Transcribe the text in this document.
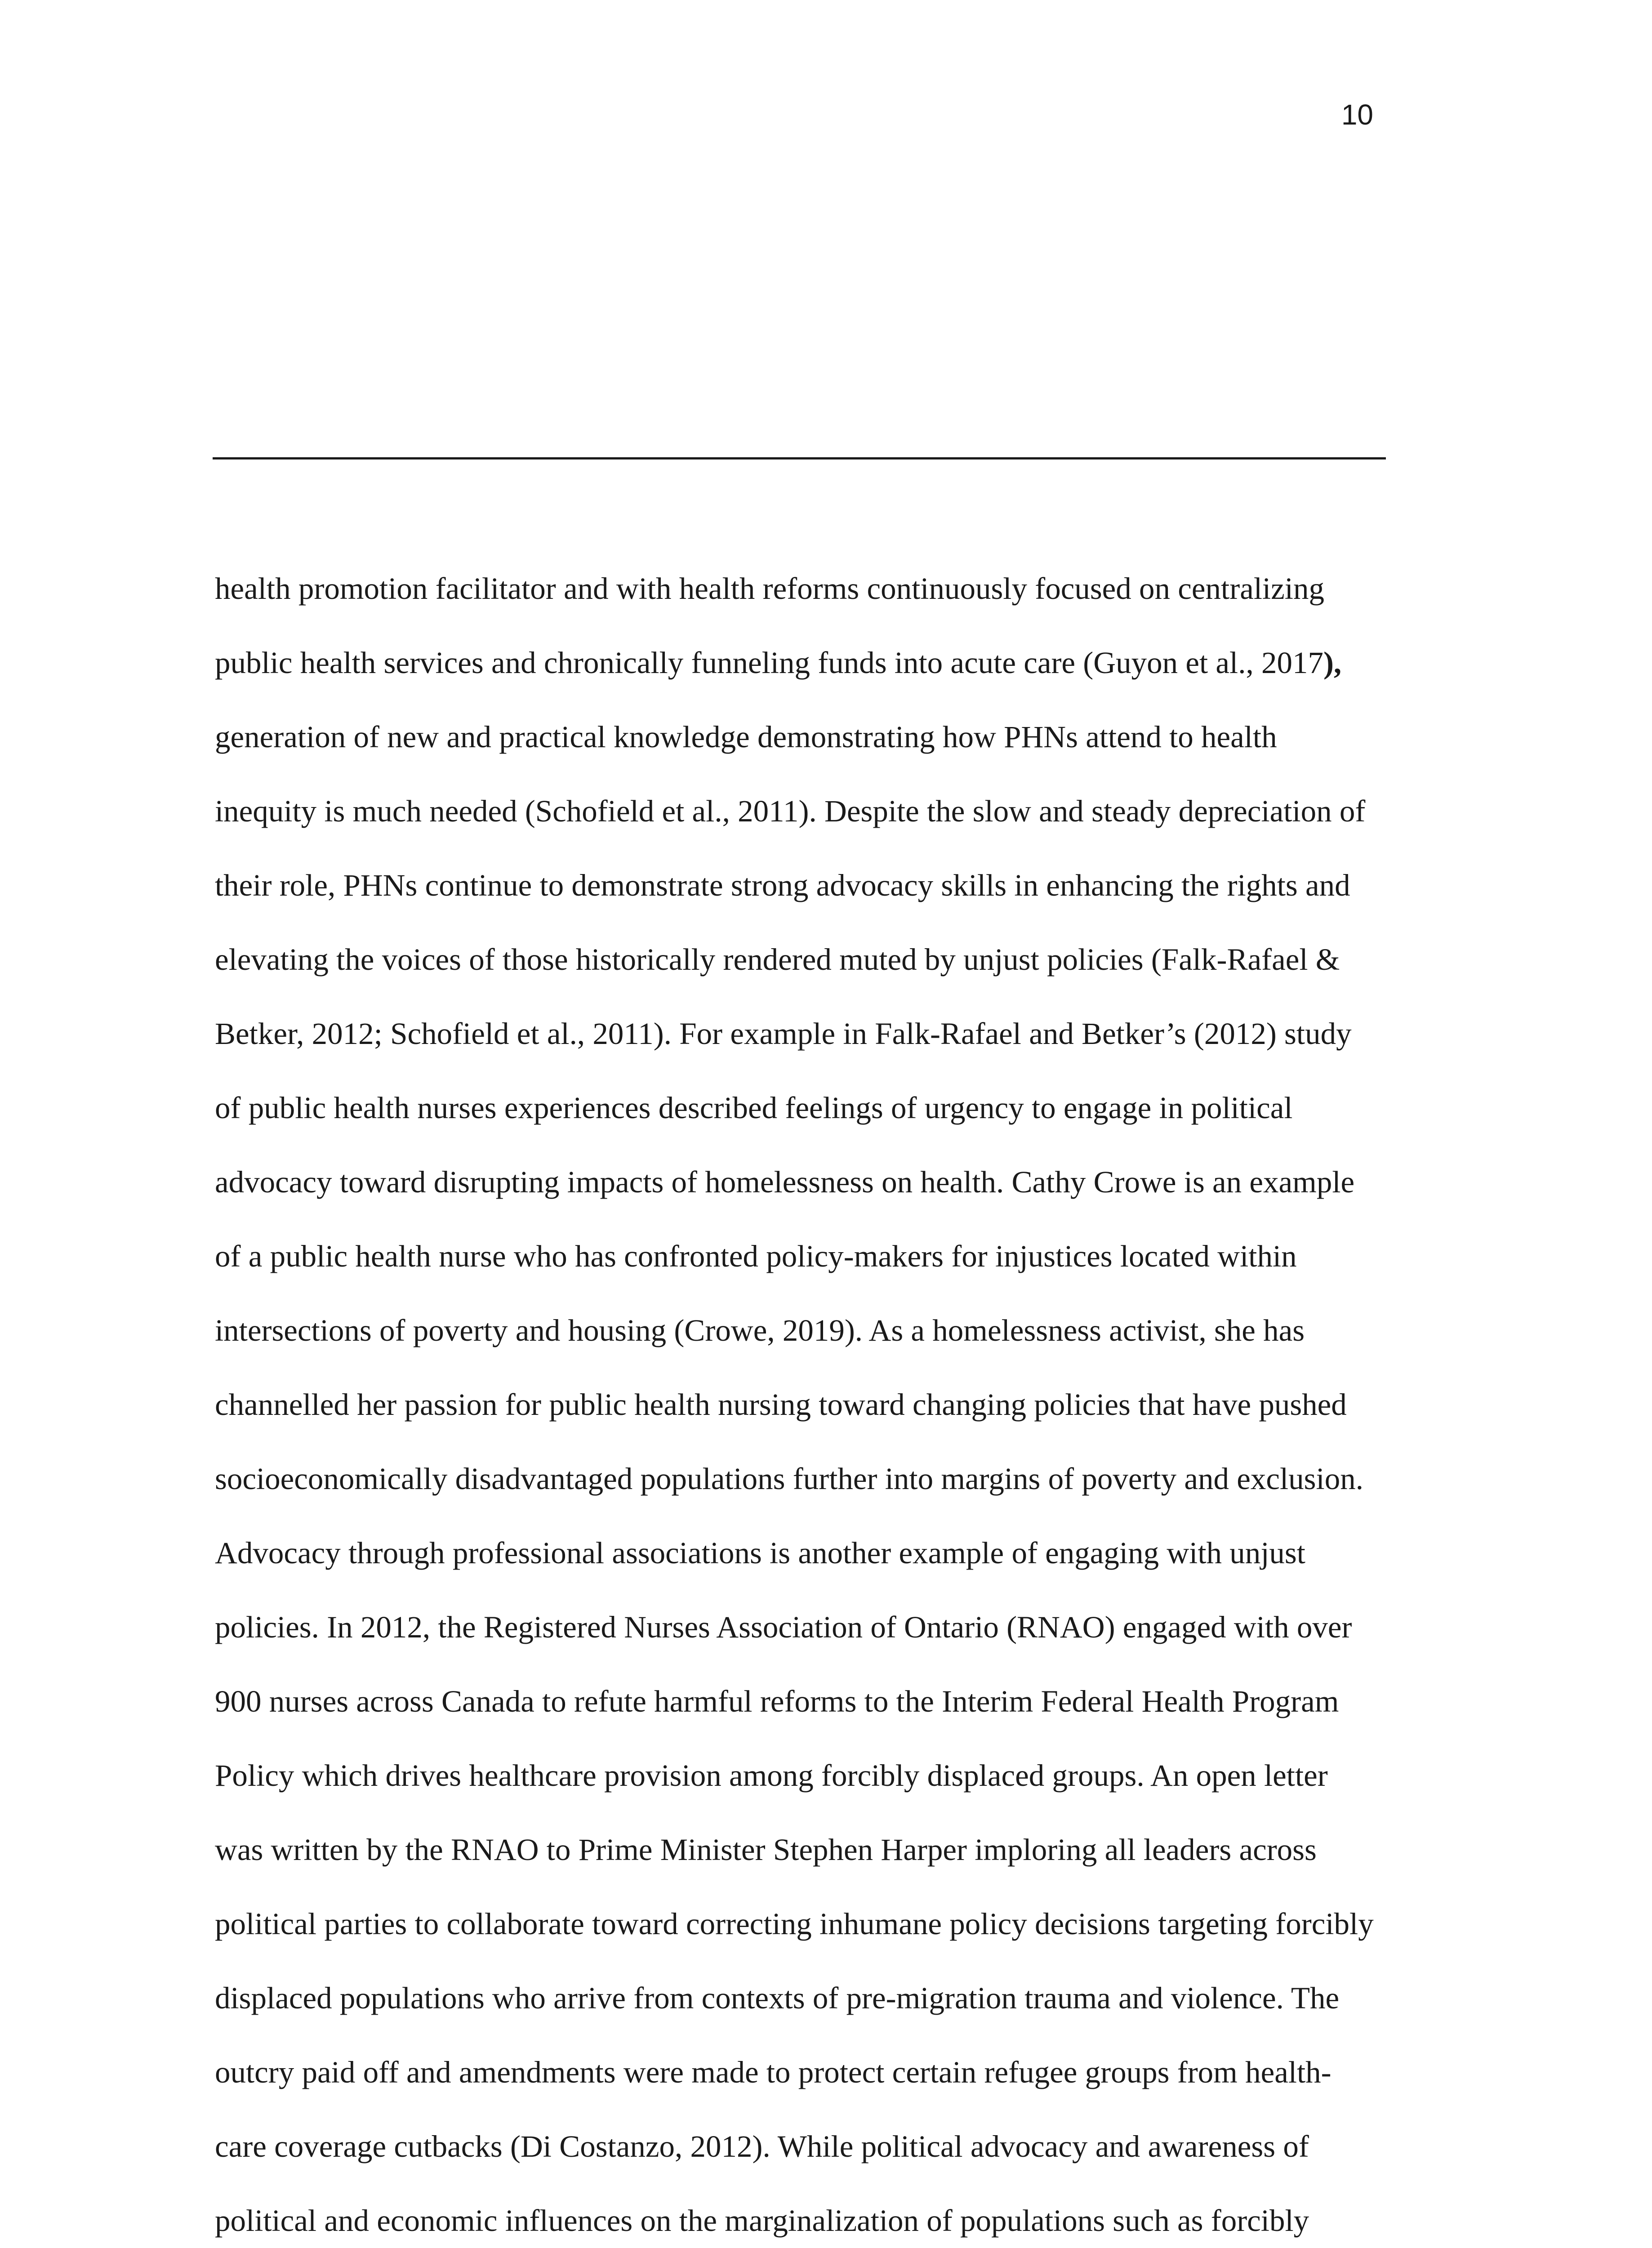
10
health promotion facilitator and with health reforms continuously focused on centralizing
public health services and chronically funneling funds into acute care (Guyon et al., 2017),
generation of new and practical knowledge demonstrating how PHNs attend to health
inequity is much needed (Schofield et al., 2011). Despite the slow and steady depreciation of
their role, PHNs continue to demonstrate strong advocacy skills in enhancing the rights and
elevating the voices of those historically rendered muted by unjust policies (Falk-Rafael &
Betker, 2012; Schofield et al., 2011). For example in Falk-Rafael and Betker’s (2012) study
of public health nurses experiences described feelings of urgency to engage in political
advocacy toward disrupting impacts of homelessness on health. Cathy Crowe is an example
of a public health nurse who has confronted policy-makers for injustices located within
intersections of poverty and housing (Crowe, 2019). As a homelessness activist, she has
channelled her passion for public health nursing toward changing policies that have pushed
socioeconomically disadvantaged populations further into margins of poverty and exclusion.
Advocacy through professional associations is another example of engaging with unjust
policies. In 2012, the Registered Nurses Association of Ontario (RNAO) engaged with over
900 nurses across Canada to refute harmful reforms to the Interim Federal Health Program
Policy which drives healthcare provision among forcibly displaced groups. An open letter
was written by the RNAO to Prime Minister Stephen Harper imploring all leaders across
political parties to collaborate toward correcting inhumane policy decisions targeting forcibly
displaced populations who arrive from contexts of pre-migration trauma and violence. The
outcry paid off and amendments were made to protect certain refugee groups from health-
care coverage cutbacks (Di Costanzo, 2012). While political advocacy and awareness of
political and economic influences on the marginalization of populations such as forcibly
